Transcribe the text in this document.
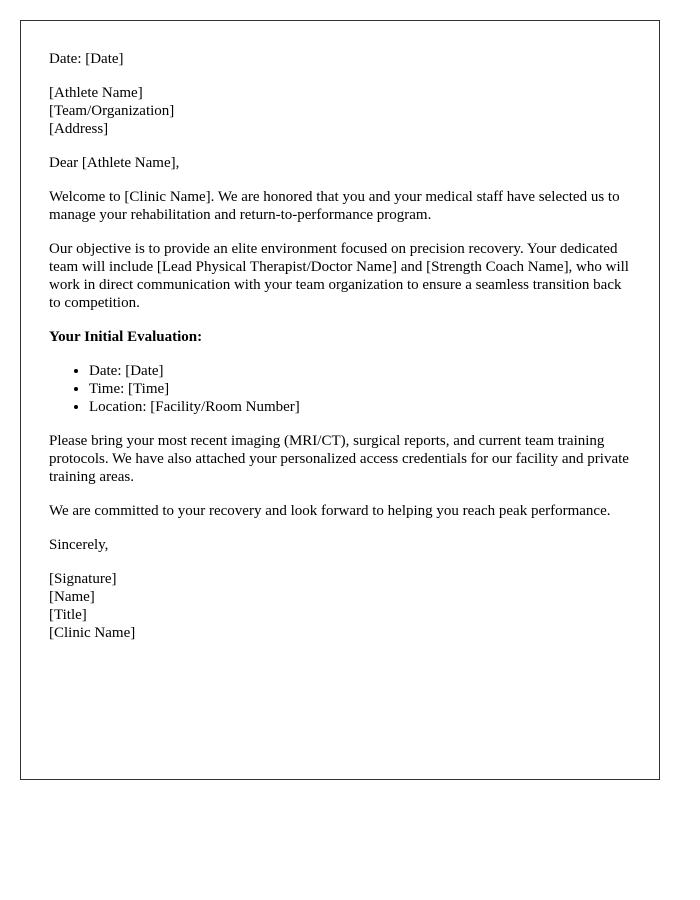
Date: [Date]

[Athlete Name]
[Team/Organization]
[Address]

Dear [Athlete Name],

Welcome to [Clinic Name]. We are honored that you and your medical staff have selected us to manage your rehabilitation and return-to-performance program.

Our objective is to provide an elite environment focused on precision recovery. Your dedicated team will include [Lead Physical Therapist/Doctor Name] and [Strength Coach Name], who will work in direct communication with your team organization to ensure a seamless transition back to competition.

Your Initial Evaluation:

• Date: [Date]
• Time: [Time]
• Location: [Facility/Room Number]

Please bring your most recent imaging (MRI/CT), surgical reports, and current team training protocols. We have also attached your personalized access credentials for our facility and private training areas.

We are committed to your recovery and look forward to helping you reach peak performance.

Sincerely,

[Signature]
[Name]
[Title]
[Clinic Name]
